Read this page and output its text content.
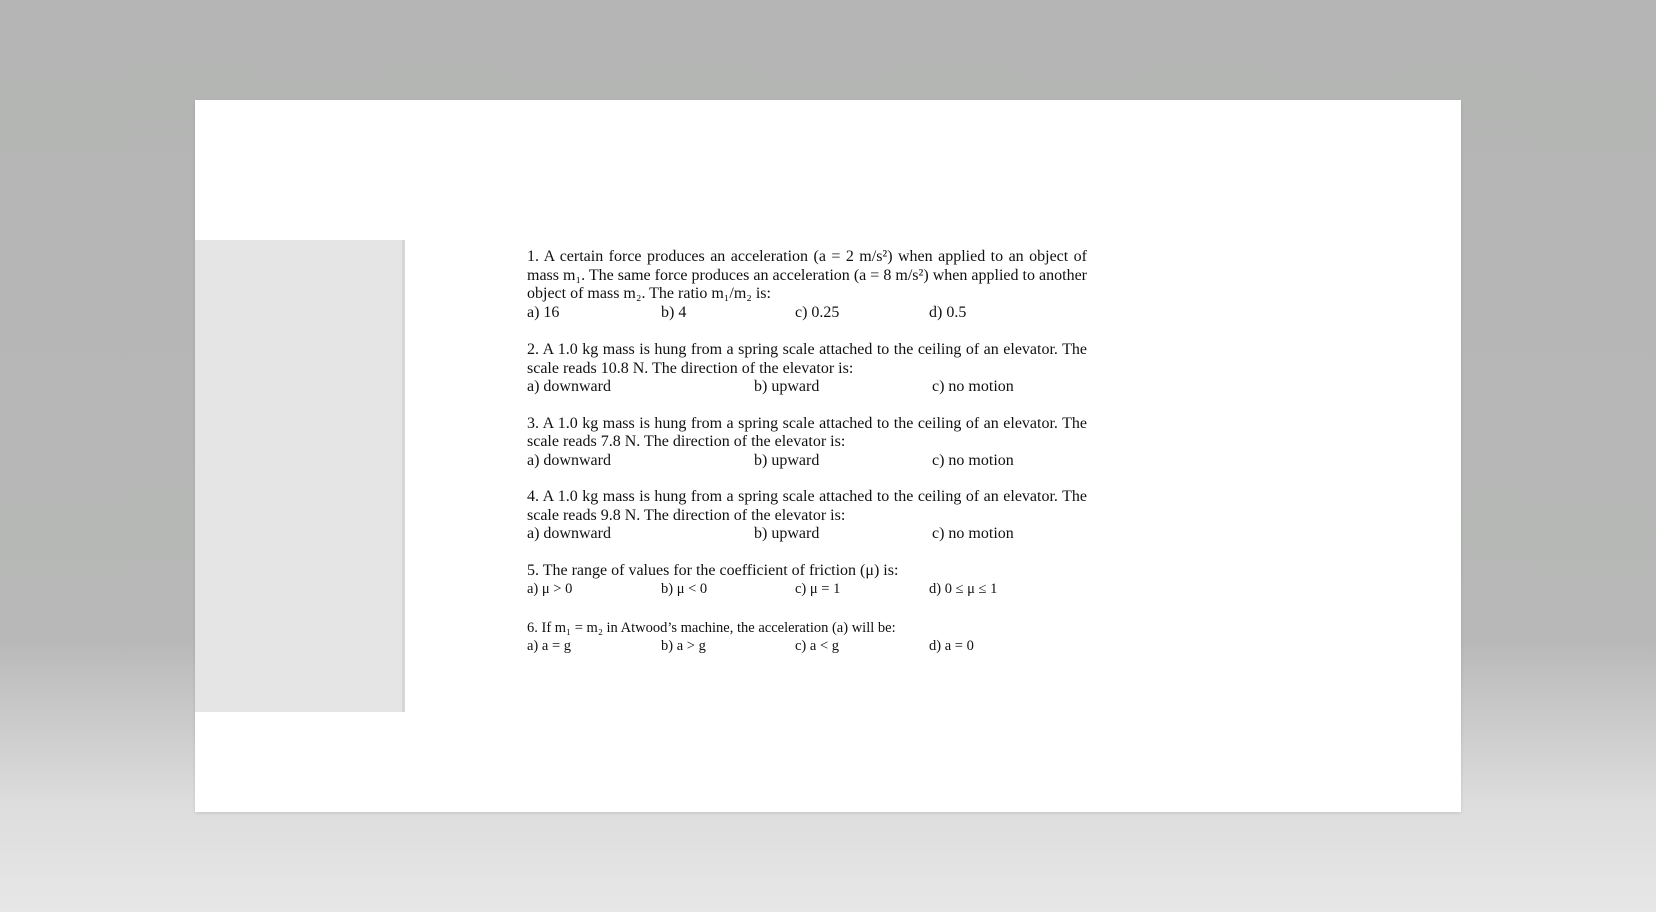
1. A certain force produces an acceleration (a = 2 m/s²) when applied to an object of mass m₁. The same force produces an acceleration (a = 8 m/s²) when applied to another object of mass m₂. The ratio m₁/m₂ is:

a) 16	b) 4	c) 0.25	d) 0.5

2. A 1.0 kg mass is hung from a spring scale attached to the ceiling of an elevator. The scale reads 10.8 N. The direction of the elevator is:

a) downward	b) upward	c) no motion

3. A 1.0 kg mass is hung from a spring scale attached to the ceiling of an elevator. The scale reads 7.8 N. The direction of the elevator is:

a) downward	b) upward	c) no motion

4. A 1.0 kg mass is hung from a spring scale attached to the ceiling of an elevator. The scale reads 9.8 N. The direction of the elevator is:

a) downward	b) upward	c) no motion

5. The range of values for the coefficient of friction (μ) is:

a) μ > 0	b) μ < 0	c) μ = 1	d) 0 ≤ μ ≤ 1

6. If m₁ = m₂ in Atwood’s machine, the acceleration (a) will be:

a) a = g	b) a > g	c) a < g	d) a = 0
